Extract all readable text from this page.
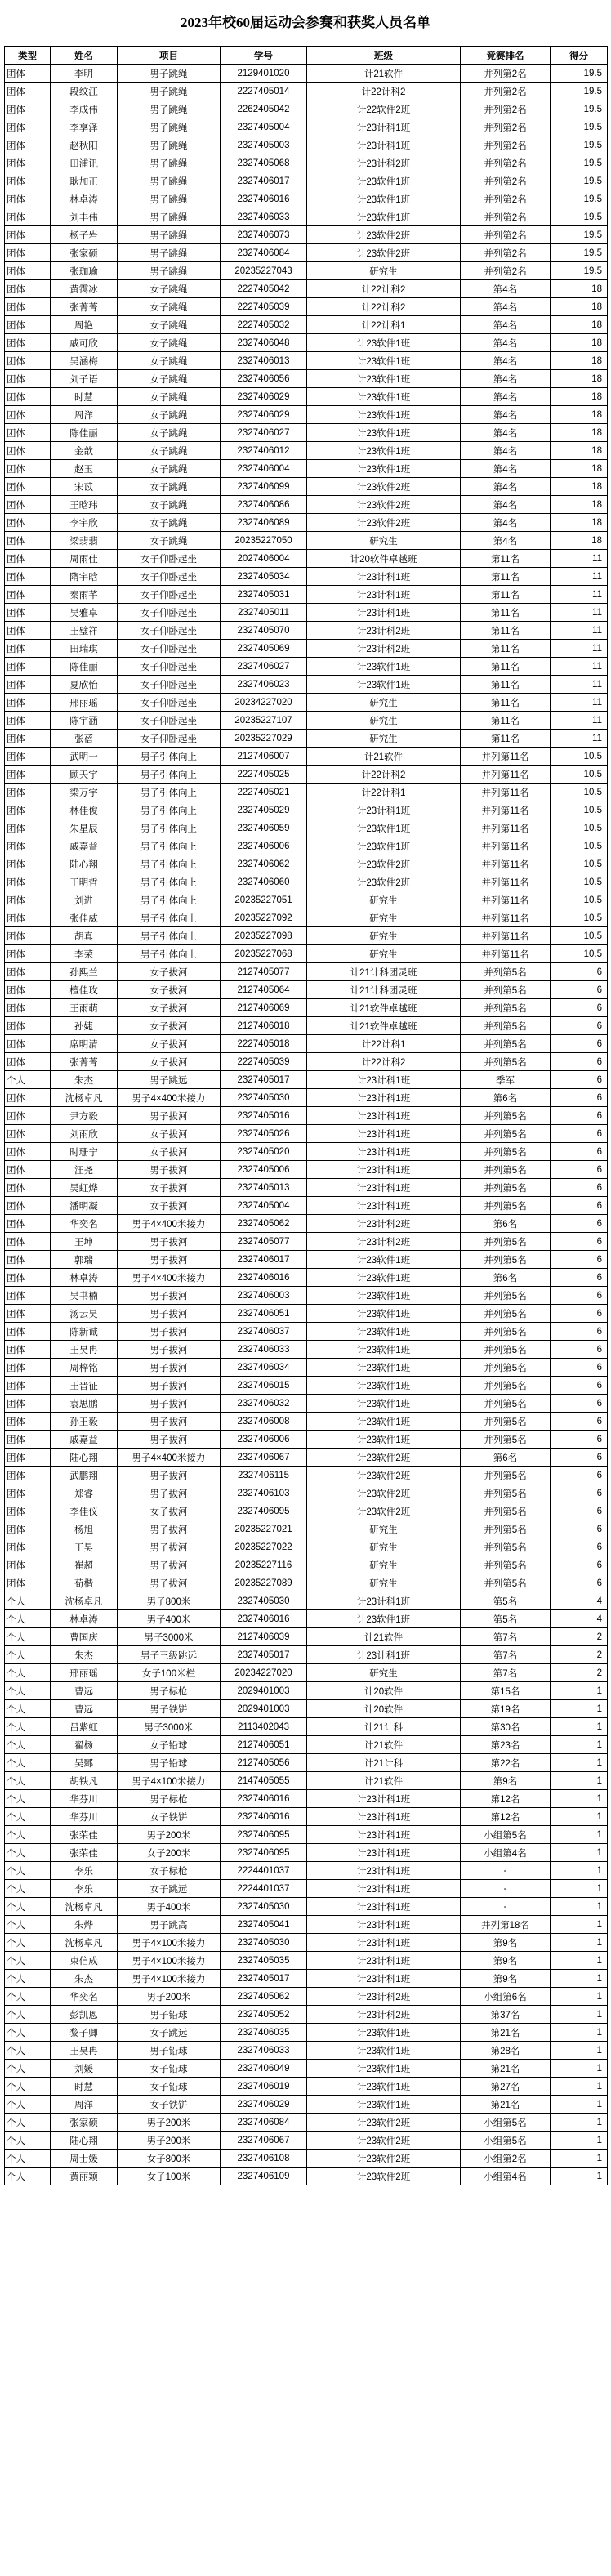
2023年校60届运动会参赛和获奖人员名单
类型	姓名	项目	学号	班级	竞赛排名	得分
团体	李明	男子跳绳	2129401020	计21软件	并列第2名	19.5
团体	段纹江	男子跳绳	2227405014	计22计科2	并列第2名	19.5
团体	李成伟	男子跳绳	2262405042	计22软件2班	并列第2名	19.5
团体	李享泽	男子跳绳	2327405004	计23计科1班	并列第2名	19.5
团体	赵秋阳	男子跳绳	2327405003	计23计科1班	并列第2名	19.5
团体	田浦讯	男子跳绳	2327405068	计23计科2班	并列第2名	19.5
团体	耿加正	男子跳绳	2327406017	计23软件1班	并列第2名	19.5
团体	林卓涛	男子跳绳	2327406016	计23软件1班	并列第2名	19.5
团体	刘丰伟	男子跳绳	2327406033	计23软件1班	并列第2名	19.5
团体	杨子岩	男子跳绳	2327406073	计23软件2班	并列第2名	19.5
团体	张家硕	男子跳绳	2327406084	计23软件2班	并列第2名	19.5
团体	张珈瑜	男子跳绳	20235227043	研究生	并列第2名	19.5
团体	黄霭冰	女子跳绳	2227405042	计22计科2	第4名	18
团体	张菁菁	女子跳绳	2227405039	计22计科2	第4名	18
团体	周艳	女子跳绳	2227405032	计22计科1	第4名	18
团体	戚可欣	女子跳绳	2327406048	计23软件1班	第4名	18
团体	吴涵梅	女子跳绳	2327406013	计23软件1班	第4名	18
团体	刘子语	女子跳绳	2327406056	计23软件1班	第4名	18
团体	时慧	女子跳绳	2327406029	计23软件1班	第4名	18
团体	周洋	女子跳绳	2327406029	计23软件1班	第4名	18
团体	陈佳丽	女子跳绳	2327406027	计23软件1班	第4名	18
团体	金歆	女子跳绳	2327406012	计23软件1班	第4名	18
团体	赵玉	女子跳绳	2327406004	计23软件1班	第4名	18
团体	宋苡	女子跳绳	2327406099	计23软件2班	第4名	18
团体	王晗玮	女子跳绳	2327406086	计23软件2班	第4名	18
团体	李宇欣	女子跳绳	2327406089	计23软件2班	第4名	18
团体	梁翡翡	女子跳绳	20235227050	研究生	第4名	18
团体	周雨佳	女子仰卧起坐	2027406004	计20软件卓越班	第11名	11
团体	隋宇晗	女子仰卧起坐	2327405034	计23计科1班	第11名	11
团体	秦雨芊	女子仰卧起坐	2327405031	计23计科1班	第11名	11
团体	吴雅卓	女子仰卧起坐	2327405011	计23计科1班	第11名	11
团体	王璧祥	女子仰卧起坐	2327405070	计23计科2班	第11名	11
团体	田瑞琪	女子仰卧起坐	2327405069	计23计科2班	第11名	11
团体	陈佳丽	女子仰卧起坐	2327406027	计23软件1班	第11名	11
团体	夏欣怡	女子仰卧起坐	2327406023	计23软件1班	第11名	11
团体	邢丽瑶	女子仰卧起坐	20234227020	研究生	第11名	11
团体	陈宇涵	女子仰卧起坐	20235227107	研究生	第11名	11
团体	张蓓	女子仰卧起坐	20235227029	研究生	第11名	11
团体	武明一	男子引体向上	2127406007	计21软件	并列第11名	10.5
团体	顾天宇	男子引体向上	2227405025	计22计科2	并列第11名	10.5
团体	梁万宇	男子引体向上	2227405021	计22计科1	并列第11名	10.5
团体	林佳俊	男子引体向上	2327405029	计23计科1班	并列第11名	10.5
团体	朱星辰	男子引体向上	2327406059	计23软件1班	并列第11名	10.5
团体	戚嘉益	男子引体向上	2327406006	计23软件1班	并列第11名	10.5
团体	陆心翔	男子引体向上	2327406062	计23软件2班	并列第11名	10.5
团体	王明哲	男子引体向上	2327406060	计23软件2班	并列第11名	10.5
团体	刘进	男子引体向上	20235227051	研究生	并列第11名	10.5
团体	张佳威	男子引体向上	20235227092	研究生	并列第11名	10.5
团体	胡真	男子引体向上	20235227098	研究生	并列第11名	10.5
团体	李荣	男子引体向上	20235227068	研究生	并列第11名	10.5
团体	孙熙兰	女子拔河	2127405077	计21计科团灵班	并列第5名	6
团体	檀佳玫	女子拔河	2127405064	计21计科团灵班	并列第5名	6
团体	王雨萌	女子拔河	2127406069	计21软件卓越班	并列第5名	6
团体	孙婕	女子拔河	2127406018	计21软件卓越班	并列第5名	6
团体	席明清	女子拔河	2227405018	计22计科1	并列第5名	6
团体	张菁菁	女子拔河	2227405039	计22计科2	并列第5名	6
个人	朱杰	男子跳远	2327405017	计23计科1班	季军	6
团体	沈杨卓凡	男子4×400米接力	2327405030	计23计科1班	第6名	6
团体	尹方毅	男子拔河	2327405016	计23计科1班	并列第5名	6
团体	刘雨欣	女子拔河	2327405026	计23计科1班	并列第5名	6
团体	时珊宁	女子拔河	2327405020	计23计科1班	并列第5名	6
团体	汪尧	男子拔河	2327405006	计23计科1班	并列第5名	6
团体	吴虹烨	女子拔河	2327405013	计23计科1班	并列第5名	6
团体	潘明凝	女子拔河	2327405004	计23计科1班	并列第5名	6
团体	华奕名	男子4×400米接力	2327405062	计23计科2班	第6名	6
团体	王坤	男子拔河	2327405077	计23计科2班	并列第5名	6
团体	郭瑞	男子拔河	2327406017	计23软件1班	并列第5名	6
团体	林卓涛	男子4×400米接力	2327406016	计23软件1班	第6名	6
团体	吴书楠	男子拔河	2327406003	计23软件1班	并列第5名	6
团体	汤云昊	男子拔河	2327406051	计23软件1班	并列第5名	6
团体	陈新诚	男子拔河	2327406037	计23软件1班	并列第5名	6
团体	王昊冉	男子拔河	2327406033	计23软件1班	并列第5名	6
团体	周梓铭	男子拔河	2327406034	计23软件1班	并列第5名	6
团体	王晋征	男子拔河	2327406015	计23软件1班	并列第5名	6
团体	袁思鹏	男子拔河	2327406032	计23软件1班	并列第5名	6
团体	孙王毅	男子拔河	2327406008	计23软件1班	并列第5名	6
团体	戚嘉益	男子拔河	2327406006	计23软件1班	并列第5名	6
团体	陆心翔	男子4×400米接力	2327406067	计23软件2班	第6名	6
团体	武鹏翔	男子拔河	2327406115	计23软件2班	并列第5名	6
团体	郑睿	男子拔河	2327406103	计23软件2班	并列第5名	6
团体	李佳仪	女子拔河	2327406095	计23软件2班	并列第5名	6
团体	杨旭	男子拔河	20235227021	研究生	并列第5名	6
团体	王昊	男子拔河	20235227022	研究生	并列第5名	6
团体	崔超	男子拔河	20235227116	研究生	并列第5名	6
团体	荀楷	男子拔河	20235227089	研究生	并列第5名	6
个人	沈杨卓凡	男子800米	2327405030	计23计科1班	第5名	4
个人	林卓涛	男子400米	2327406016	计23软件1班	第5名	4
个人	曹国庆	男子3000米	2127406039	计21软件	第7名	2
个人	朱杰	男子三级跳远	2327405017	计23计科1班	第7名	2
个人	邢丽瑶	女子100米栏	20234227020	研究生	第7名	2
个人	曹远	男子标枪	2029401003	计20软件	第15名	1
个人	曹远	男子铁饼	2029401003	计20软件	第19名	1
个人	吕紫虹	男子3000米	2113402043	计21计科	第30名	1
个人	翟杨	女子铅球	2127406051	计21软件	第23名	1
个人	吴鄹	男子铅球	2127405056	计21计科	第22名	1
个人	胡铁凡	男子4×100米接力	2147405055	计21软件	第9名	1
个人	华芬川	男子标枪	2327406016	计23计科1班	第12名	1
个人	华芬川	女子铁饼	2327406016	计23计科1班	第12名	1
个人	张荣佳	男子200米	2327406095	计23计科1班	小组第5名	1
个人	张荣佳	女子200米	2327406095	计23计科1班	小组第4名	1
个人	李乐	女子标枪	2224401037	计23计科1班	-	1
个人	李乐	女子跳远	2224401037	计23计科1班	-	1
个人	沈杨卓凡	男子400米	2327405030	计23计科1班	-	1
个人	朱烨	男子跳高	2327405041	计23计科1班	并列第18名	1
个人	沈杨卓凡	男子4×100米接力	2327405030	计23计科1班	第9名	1
个人	束信成	男子4×100米接力	2327405035	计23计科1班	第9名	1
个人	朱杰	男子4×100米接力	2327405017	计23计科1班	第9名	1
个人	华奕名	男子200米	2327405062	计23计科2班	小组第6名	1
个人	彭凯恩	男子铅球	2327405052	计23计科2班	第37名	1
个人	黎子卿	女子跳远	2327406035	计23软件1班	第21名	1
个人	王昊冉	男子铅球	2327406033	计23软件1班	第28名	1
个人	刘媛	女子铅球	2327406049	计23软件1班	第21名	1
个人	时慧	女子铅球	2327406019	计23软件1班	第27名	1
个人	周洋	女子铁饼	2327406029	计23软件1班	第21名	1
个人	张家硕	男子200米	2327406084	计23软件2班	小组第5名	1
个人	陆心翔	男子200米	2327406067	计23软件2班	小组第5名	1
个人	周士媛	女子800米	2327406108	计23软件2班	小组第2名	1
个人	黄丽颖	女子100米	2327406109	计23软件2班	小组第4名	1
